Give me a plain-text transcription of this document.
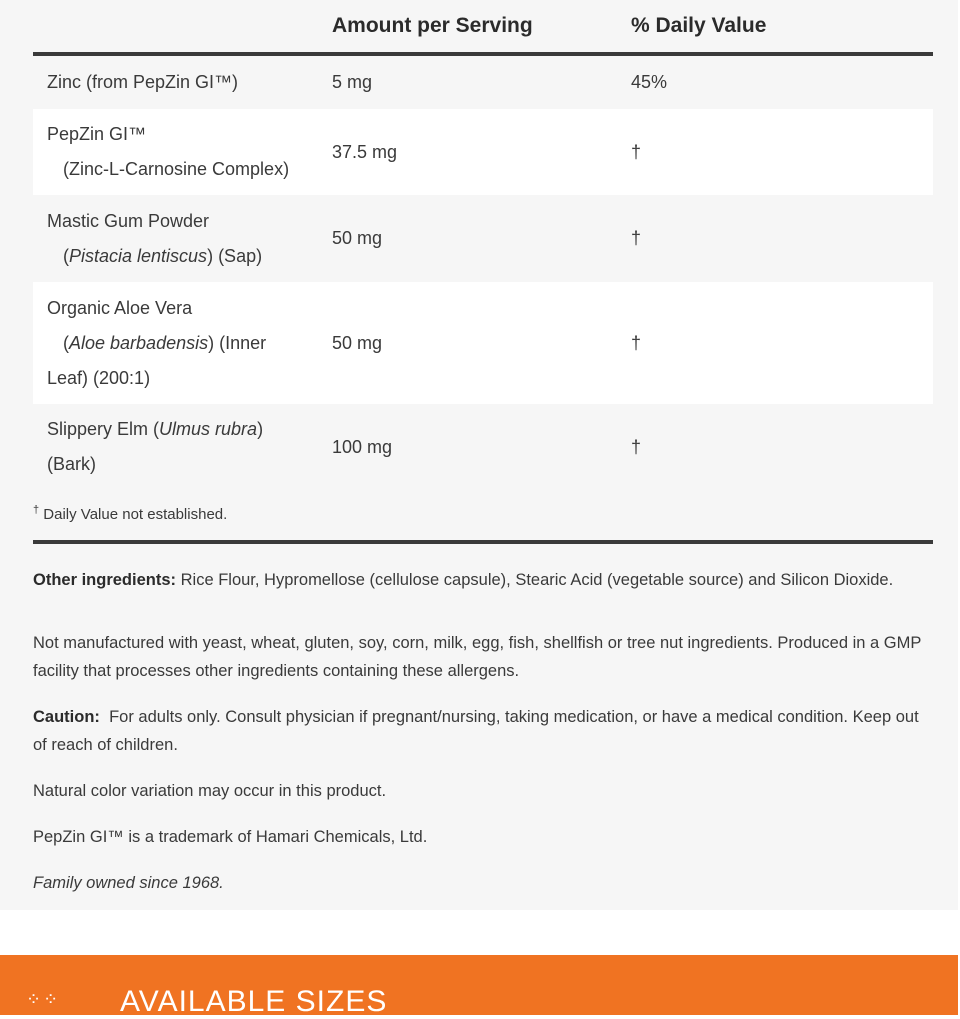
	Amount per Serving	% Daily Value
Zinc (from PepZin GI™)	5 mg	45%

PepZin GI™
(Zinc-L-Carnosine Complex)	37.5 mg	†

Mastic Gum Powder
(Pistacia lentiscus) (Sap)	50 mg	†

Organic Aloe Vera
(Aloe barbadensis) (Inner
Leaf) (200:1)	50 mg	†

Slippery Elm (Ulmus rubra)
(Bark)	100 mg	†
† Daily Value not established.

Other ingredients: Rice Flour, Hypromellose (cellulose capsule), Stearic Acid (vegetable source) and Silicon Dioxide.

Not manufactured with yeast, wheat, gluten, soy, corn, milk, egg, fish, shellfish or tree nut ingredients. Produced in a GMP facility that processes other ingredients containing these allergens.

Caution: For adults only. Consult physician if pregnant/nursing, taking medication, or have a medical condition. Keep out of reach of children.

Natural color variation may occur in this product.

PepZin GI™ is a trademark of Hamari Chemicals, Ltd.

Family owned since 1968.

⁘⁘ AVAILABLE SIZES
